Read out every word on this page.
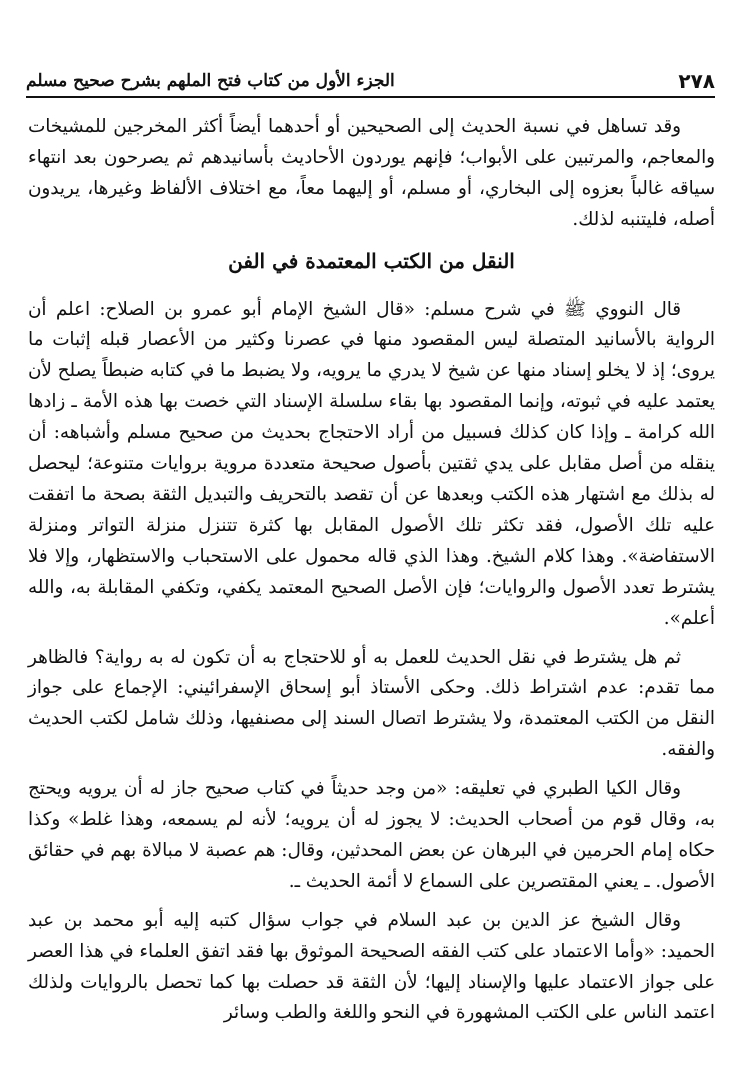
٢٧٨
الجزء الأول من كتاب فتح الملهم بشرح صحيح مسلم

وقد تساهل في نسبة الحديث إلى الصحيحين أو أحدهما أيضاً أكثر المخرجين للمشيخات والمعاجم، والمرتبين على الأبواب؛ فإنهم يوردون الأحاديث بأسانيدهم ثم يصرحون بعد انتهاء سياقه غالباً بعزوه إلى البخاري، أو مسلم، أو إليهما معاً، مع اختلاف الألفاظ وغيرها، يريدون أصله، فليتنبه لذلك.

النقل من الكتب المعتمدة في الفن

قال النووي ﷺ في شرح مسلم: «قال الشيخ الإمام أبو عمرو بن الصلاح: اعلم أن الرواية بالأسانيد المتصلة ليس المقصود منها في عصرنا وكثير من الأعصار قبله إثبات ما يروى؛ إذ لا يخلو إسناد منها عن شيخ لا يدري ما يرويه، ولا يضبط ما في كتابه ضبطاً يصلح لأن يعتمد عليه في ثبوته، وإنما المقصود بها بقاء سلسلة الإسناد التي خصت بها هذه الأمة ـ زادها الله كرامة ـ وإذا كان كذلك فسبيل من أراد الاحتجاج بحديث من صحيح مسلم وأشباهه: أن ينقله من أصل مقابل على يدي ثقتين بأصول صحيحة متعددة مروية بروايات متنوعة؛ ليحصل له بذلك مع اشتهار هذه الكتب وبعدها عن أن تقصد بالتحريف والتبديل الثقة بصحة ما اتفقت عليه تلك الأصول، فقد تكثر تلك الأصول المقابل بها كثرة تتنزل منزلة التواتر ومنزلة الاستفاضة». وهذا كلام الشيخ. وهذا الذي قاله محمول على الاستحباب والاستظهار، وإلا فلا يشترط تعدد الأصول والروايات؛ فإن الأصل الصحيح المعتمد يكفي، وتكفي المقابلة به، والله أعلم».

ثم هل يشترط في نقل الحديث للعمل به أو للاحتجاج به أن تكون له به رواية؟ فالظاهر مما تقدم: عدم اشتراط ذلك. وحكى الأستاذ أبو إسحاق الإسفرائيني: الإجماع على جواز النقل من الكتب المعتمدة، ولا يشترط اتصال السند إلى مصنفيها، وذلك شامل لكتب الحديث والفقه.

وقال الكيا الطبري في تعليقه: «من وجد حديثاً في كتاب صحيح جاز له أن يرويه ويحتج به، وقال قوم من أصحاب الحديث: لا يجوز له أن يرويه؛ لأنه لم يسمعه، وهذا غلط» وكذا حكاه إمام الحرمين في البرهان عن بعض المحدثين، وقال: هم عصبة لا مبالاة بهم في حقائق الأصول. ـ يعني المقتصرين على السماع لا أئمة الحديث ـ.

وقال الشيخ عز الدين بن عبد السلام في جواب سؤال كتبه إليه أبو محمد بن عبد الحميد: «وأما الاعتماد على كتب الفقه الصحيحة الموثوق بها فقد اتفق العلماء في هذا العصر على جواز الاعتماد عليها والإسناد إليها؛ لأن الثقة قد حصلت بها كما تحصل بالروايات ولذلك اعتمد الناس على الكتب المشهورة في النحو واللغة والطب وسائر
